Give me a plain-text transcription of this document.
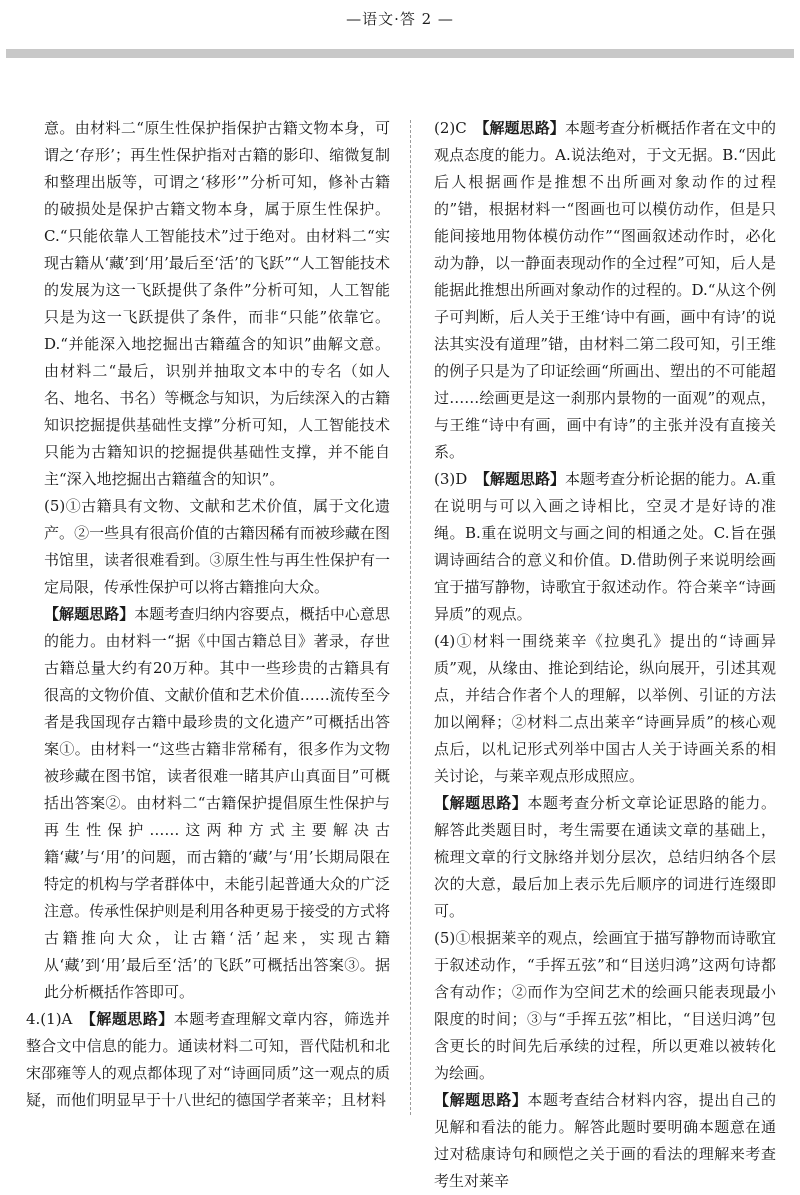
—语文·答 2 —

意。由材料二“原生性保护指保护古籍文物本身，可谓之‘存形’；再生性保护指对古籍的影印、缩微复制和整理出版等，可谓之‘移形’”分析可知，修补古籍的破损处是保护古籍文物本身，属于原生性保护。C.“只能依靠人工智能技术”过于绝对。由材料二“实现古籍从‘藏’到‘用’最后至‘活’的飞跃”“人工智能技术的发展为这一飞跃提供了条件”分析可知，人工智能只是为这一飞跃提供了条件，而非“只能”依靠它。D.“并能深入地挖掘出古籍蕴含的知识”曲解文意。由材料二“最后，识别并抽取文本中的专名（如人名、地名、书名）等概念与知识，为后续深入的古籍知识挖掘提供基础性支撑”分析可知，人工智能技术只能为古籍知识的挖掘提供基础性支撑，并不能自主“深入地挖掘出古籍蕴含的知识”。

(5)①古籍具有文物、文献和艺术价值，属于文化遗产。②一些具有很高价值的古籍因稀有而被珍藏在图书馆里，读者很难看到。③原生性与再生性保护有一定局限，传承性保护可以将古籍推向大众。

【解题思路】本题考查归纳内容要点，概括中心意思的能力。由材料一“据《中国古籍总目》著录，存世古籍总量大约有20万种。其中一些珍贵的古籍具有很高的文物价值、文献价值和艺术价值……流传至今者是我国现存古籍中最珍贵的文化遗产”可概括出答案①。由材料一“这些古籍非常稀有，很多作为文物被珍藏在图书馆，读者很难一睹其庐山真面目”可概括出答案②。由材料二“古籍保护提倡原生性保护与再生性保护……这两种方式主要解决古籍‘藏’与‘用’的问题，而古籍的‘藏’与‘用’长期局限在特定的机构与学者群体中，未能引起普通大众的广泛注意。传承性保护则是利用各种更易于接受的方式将古籍推向大众，让古籍‘活’起来，实现古籍从‘藏’到‘用’最后至‘活’的飞跃”可概括出答案③。据此分析概括作答即可。

4.(1)A　【解题思路】本题考查理解文章内容，筛选并整合文中信息的能力。通读材料二可知，晋代陆机和北宋邵雍等人的观点都体现了对“诗画同质”这一观点的质疑，而他们明显早于十八世纪的德国学者莱辛；且材料

(2)C　【解题思路】本题考查分析概括作者在文中的观点态度的能力。A.说法绝对，于文无据。B.“因此后人根据画作是推想不出所画对象动作的过程的”错，根据材料一“图画也可以模仿动作，但是只能间接地用物体模仿动作”“图画叙述动作时，必化动为静，以一静面表现动作的全过程”可知，后人是能据此推想出所画对象动作的过程的。D.“从这个例子可判断，后人关于王维‘诗中有画，画中有诗’的说法其实没有道理”错，由材料二第二段可知，引王维的例子只是为了印证绘画“所画出、塑出的不可能超过……绘画更是这一刹那内景物的一面观”的观点，与王维“诗中有画，画中有诗”的主张并没有直接关系。

(3)D　【解题思路】本题考查分析论据的能力。A.重在说明与可以入画之诗相比，空灵才是好诗的准绳。B.重在说明文与画之间的相通之处。C.旨在强调诗画结合的意义和价值。D.借助例子来说明绘画宜于描写静物，诗歌宜于叙述动作。符合莱辛“诗画异质”的观点。

(4)①材料一围绕莱辛《拉奥孔》提出的“诗画异质”观，从缘由、推论到结论，纵向展开，引述其观点，并结合作者个人的理解，以举例、引证的方法加以阐释；②材料二点出莱辛“诗画异质”的核心观点后，以札记形式列举中国古人关于诗画关系的相关讨论，与莱辛观点形成照应。

【解题思路】本题考查分析文章论证思路的能力。解答此类题目时，考生需要在通读文章的基础上，梳理文章的行文脉络并划分层次，总结归纳各个层次的大意，最后加上表示先后顺序的词进行连缀即可。

(5)①根据莱辛的观点，绘画宜于描写静物而诗歌宜于叙述动作，“手挥五弦”和“目送归鸿”这两句诗都含有动作；②而作为空间艺术的绘画只能表现最小限度的时间；③与“手挥五弦”相比，“目送归鸿”包含更长的时间先后承续的过程，所以更难以被转化为绘画。

【解题思路】本题考查结合材料内容，提出自己的见解和看法的能力。解答此题时要明确本题意在通过对嵇康诗句和顾恺之关于画的看法的理解来考查考生对莱辛
